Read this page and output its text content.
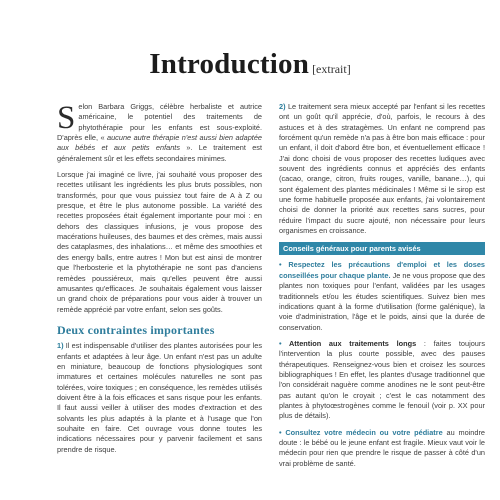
Introduction [extrait]

Selon Barbara Griggs, célèbre herbaliste et autrice américaine, le potentiel des traitements de phytothérapie pour les enfants est sous-exploité. D'après elle, « aucune autre thérapie n'est aussi bien adaptée aux bébés et aux petits enfants ». Le traitement est généralement sûr et les effets secondaires minimes.

Lorsque j'ai imaginé ce livre, j'ai souhaité vous proposer des recettes utilisant les ingrédients les plus bruts possibles, non transformés, pour que vous puissiez tout faire de A à Z ou presque, et être le plus autonome possible. La variété des recettes proposées était également importante pour moi : en dehors des classiques infusions, je vous propose des macérations huileuses, des baumes et des crèmes, mais aussi des cataplasmes, des inhalations… et même des smoothies et des energy balls, entre autres ! Mon but est ainsi de montrer que l'herbosterie et la phytothérapie ne sont pas d'anciens remèdes poussiéreux, mais qu'elles peuvent être aussi amusantes qu'efficaces. Je souhaitais également vous laisser un grand choix de préparations pour vous aider à trouver un remède apprécié par votre enfant, selon ses goûts.

Deux contraintes importantes

1) Il est indispensable d'utiliser des plantes autorisées pour les enfants et adaptées à leur âge. Un enfant n'est pas un adulte en miniature, beaucoup de fonctions physiologiques sont immatures et certaines molécules naturelles ne sont pas tolérées, voire toxiques ; en conséquence, les remèdes utilisés doivent être à la fois efficaces et sans risque pour les enfants. Il faut aussi veiller à utiliser des modes d'extraction et des solvants les plus adaptés à la plante et à l'usage que l'on souhaite en faire. Cet ouvrage vous donne toutes les indications nécessaires pour y parvenir facilement et sans prendre de risque.

2) Le traitement sera mieux accepté par l'enfant si les recettes ont un goût qu'il apprécie, d'où, parfois, le recours à des astuces et à des stratagèmes. Un enfant ne comprend pas forcément qu'un remède n'a pas à être bon mais efficace : pour un enfant, il doit d'abord être bon, et éventuellement efficace ! J'ai donc choisi de vous proposer des recettes ludiques avec souvent des ingrédients connus et appréciés des enfants (cacao, orange, citron, fruits rouges, vanille, banane…), qui sont également des plantes médicinales ! Même si le sirop est une forme habituelle proposée aux enfants, j'ai volontairement choisi de donner la priorité aux recettes sans sucres, pour réduire l'impact du sucre ajouté, non nécessaire pour leurs organismes en croissance.

Conseils généraux pour parents avisés

• Respectez les précautions d'emploi et les doses conseillées pour chaque plante. Je ne vous propose que des plantes non toxiques pour l'enfant, validées par les usages traditionnels et/ou les études scientifiques. Suivez bien mes indications quant à la forme d'utilisation (forme galénique), la voie d'administration, l'âge et le poids, ainsi que la durée de conservation.

• Attention aux traitements longs : faites toujours l'intervention la plus courte possible, avec des pauses thérapeutiques. Renseignez-vous bien et croisez les sources bibliographiques ! En effet, les plantes d'usage traditionnel que l'on considérait naguère comme anodines ne le sont peut-être pas autant qu'on le croyait ; c'est le cas notamment des plantes à phytoœstrogènes comme le fenouil (voir p. XX pour plus de détails).

• Consultez votre médecin ou votre pédiatre au moindre doute : le bébé ou le jeune enfant est fragile. Mieux vaut voir le médecin pour rien que prendre le risque de passer à côté d'un vrai problème de santé.
